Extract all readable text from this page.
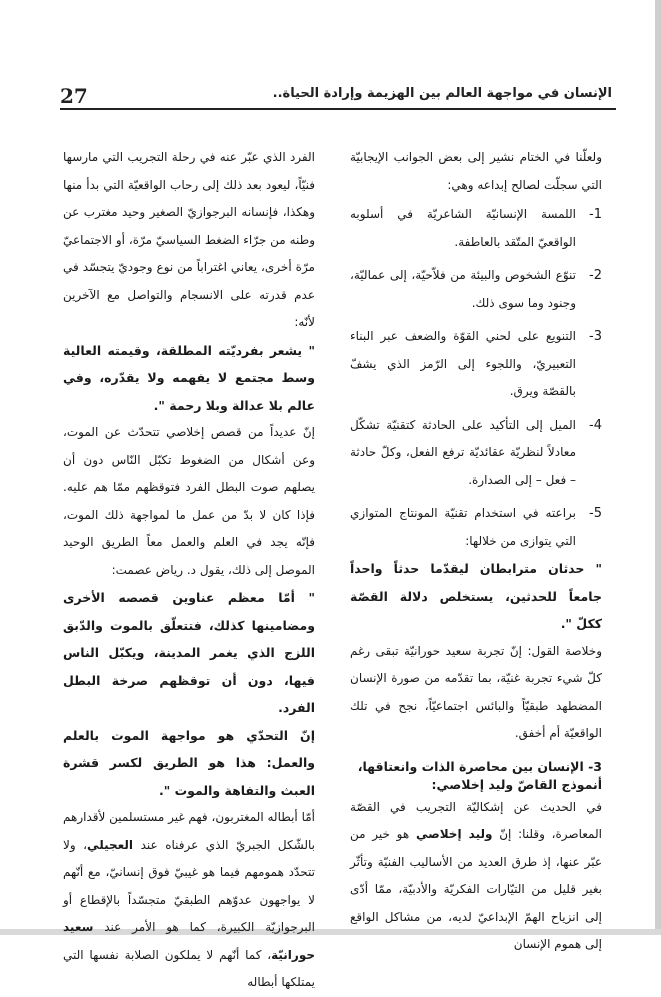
27	الإنسان في مواجهة العالم بين الهزيمة وإرادة الحياة..

ولعلّنا في الختام نشير إلى بعض الجوانب الإيجابيّة التي سجلّت لصالح إبداعه وهي:

1-

اللمسة الإنسانيّة الشاعريّة في أسلوبه الواقعيّ المتّقد بالعاطفة.

2-

تنوّع الشخوص والبيئة من فلاّحيّة، إلى عماليّة، وجنود وما سوى ذلك.

3-

التنويع على لحني القوّة والضعف عبر البناء التعبيريّ، واللجوء إلى الرّمز الذي يشفّ بالقصّة ويرق.

4-

الميل إلى التأكيد على الحادثة كتقنيّة تشكّل معادلاً لنظريّة عقائديّة ترفع الفعل، وكلّ حادثة – فعل – إلى الصدارة.

5-

براعته في استخدام تقنيّة المونتاج المتوازي التي يتوازى من خلالها:

" حدثان مترابطان ليقدّما حدثاً واحداً جامعاً للحدثين، يستخلص دلالة القصّة ككلّ ".

وخلاصة القول: إنّ تجربة سعيد حورانيّة تبقى رغم كلّ شيء تجربة غنيّة، بما تقدّمه من صورة الإنسان المضطهد طبقيّاً والبائس اجتماعيّاً، نجح في تلك الواقعيّة أم أخفق.

3- الإنسان بين محاصرة الذات وانعتاقها،
أنموذج القاصّ وليد إخلاصي:

في الحديث عن إشكاليّة التجريب في القصّة المعاصرة، وقلنا: إنّ وليد إخلاصي هو خير من عبّر عنها، إذ طرق العديد من الأساليب الفنيّة وتأثّر بغير قليل من التيّارات الفكريّة والأدبيّة، ممّا أدّى إلى انزياح الهمّ الإبداعيّ لديه، من مشاكل الواقع إلى هموم الإنسان

الفرد الذي عبّر عنه في رحلة التجريب التي مارسها فنيّاً، ليعود بعد ذلك إلى رحاب الواقعيّة التي بدأ منها وهكذا، فإنسانه البرجوازيّ الصغير وحيد مغترب عن وطنه من جرّاء الضغط السياسيّ مرّة، أو الاجتماعيّ مرّة أخرى، يعاني اغتراباً من نوع وجوديّ يتجسّد في عدم قدرته على الانسجام والتواصل مع الآخرين لأنّه:

" يشعر بفرديّته المطلقة، وقيمته العالية وسط مجتمع لا يفهمه ولا يقدّره، وفي عالم بلا عدالة وبلا رحمة ".

إنّ عديداً من قصص إخلاصي تتحدّث عن الموت، وعن أشكال من الضغوط تكبّل النّاس دون أن يصلهم صوت البطل الفرد فتوقظهم ممّا هم عليه. فإذا كان لا بدّ من عمل ما لمواجهة ذلك الموت، فإنّه يجد في العلم والعمل معاً الطريق الوحيد الموصل إلى ذلك، يقول د. رياض عصمت:

" أمّا معظم عناوين قصصه الأخرى ومضامينها كذلك، فتتعلّق بالموت والدّبق اللزج الذي يغمر المدينة، ويكبّل الناس فيها، دون أن توقظهم صرخة البطل الفرد.

إنّ التحدّي هو مواجهة الموت بالعلم والعمل: هذا هو الطريق لكسر قشرة العبث والتفاهة والموت ".

أمّا أبطاله المغتربون، فهم غير مستسلمين لأقدارهم بالشّكل الجبريّ الذي عرفناه عند العجيلي، ولا تتحدّد همومهم فيما هو غيبيّ فوق إنسانيّ، مع أنّهم لا يواجهون عدوّهم الطبقيّ متجسّداً بالإقطاع أو البرجوازيّة الكبيرة، كما هو الأمر عند سعيد حورانيّة، كما أنّهم لا يملكون الصلابة نفسها التي يمتلكها أبطاله
